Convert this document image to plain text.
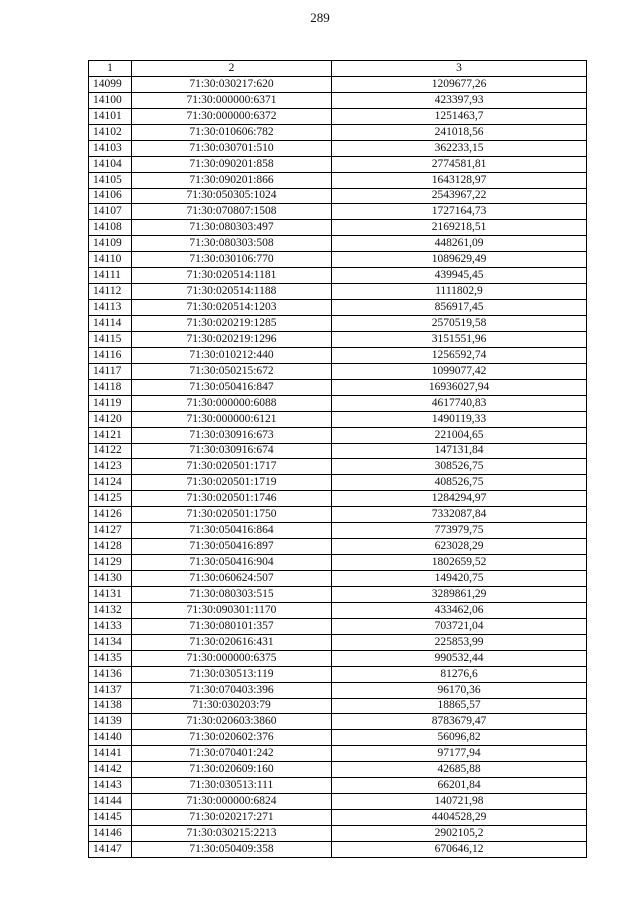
289
1	2	3
14099	71:30:030217:620	1209677,26
14100	71:30:000000:6371	423397,93
14101	71:30:000000:6372	1251463,7
14102	71:30:010606:782	241018,56
14103	71:30:030701:510	362233,15
14104	71:30:090201:858	2774581,81
14105	71:30:090201:866	1643128,97
14106	71:30:050305:1024	2543967,22
14107	71:30:070807:1508	1727164,73
14108	71:30:080303:497	2169218,51
14109	71:30:080303:508	448261,09
14110	71:30:030106:770	1089629,49
14111	71:30:020514:1181	439945,45
14112	71:30:020514:1188	1111802,9
14113	71:30:020514:1203	856917,45
14114	71:30:020219:1285	2570519,58
14115	71:30:020219:1296	3151551,96
14116	71:30:010212:440	1256592,74
14117	71:30:050215:672	1099077,42
14118	71:30:050416:847	16936027,94
14119	71:30:000000:6088	4617740,83
14120	71:30:000000:6121	1490119,33
14121	71:30:030916:673	221004,65
14122	71:30:030916:674	147131,84
14123	71:30:020501:1717	308526,75
14124	71:30:020501:1719	408526,75
14125	71:30:020501:1746	1284294,97
14126	71:30:020501:1750	7332087,84
14127	71:30:050416:864	773979,75
14128	71:30:050416:897	623028,29
14129	71:30:050416:904	1802659,52
14130	71:30:060624:507	149420,75
14131	71:30:080303:515	3289861,29
14132	71:30:090301:1170	433462,06
14133	71:30:080101:357	703721,04
14134	71:30:020616:431	225853,99
14135	71:30:000000:6375	990532,44
14136	71:30:030513:119	81276,6
14137	71:30:070403:396	96170,36
14138	71:30:030203:79	18865,57
14139	71:30:020603:3860	8783679,47
14140	71:30:020602:376	56096,82
14141	71:30:070401:242	97177,94
14142	71:30:020609:160	42685,88
14143	71:30:030513:111	66201,84
14144	71:30:000000:6824	140721,98
14145	71:30:020217:271	4404528,29
14146	71:30:030215:2213	2902105,2
14147	71:30:050409:358	670646,12
